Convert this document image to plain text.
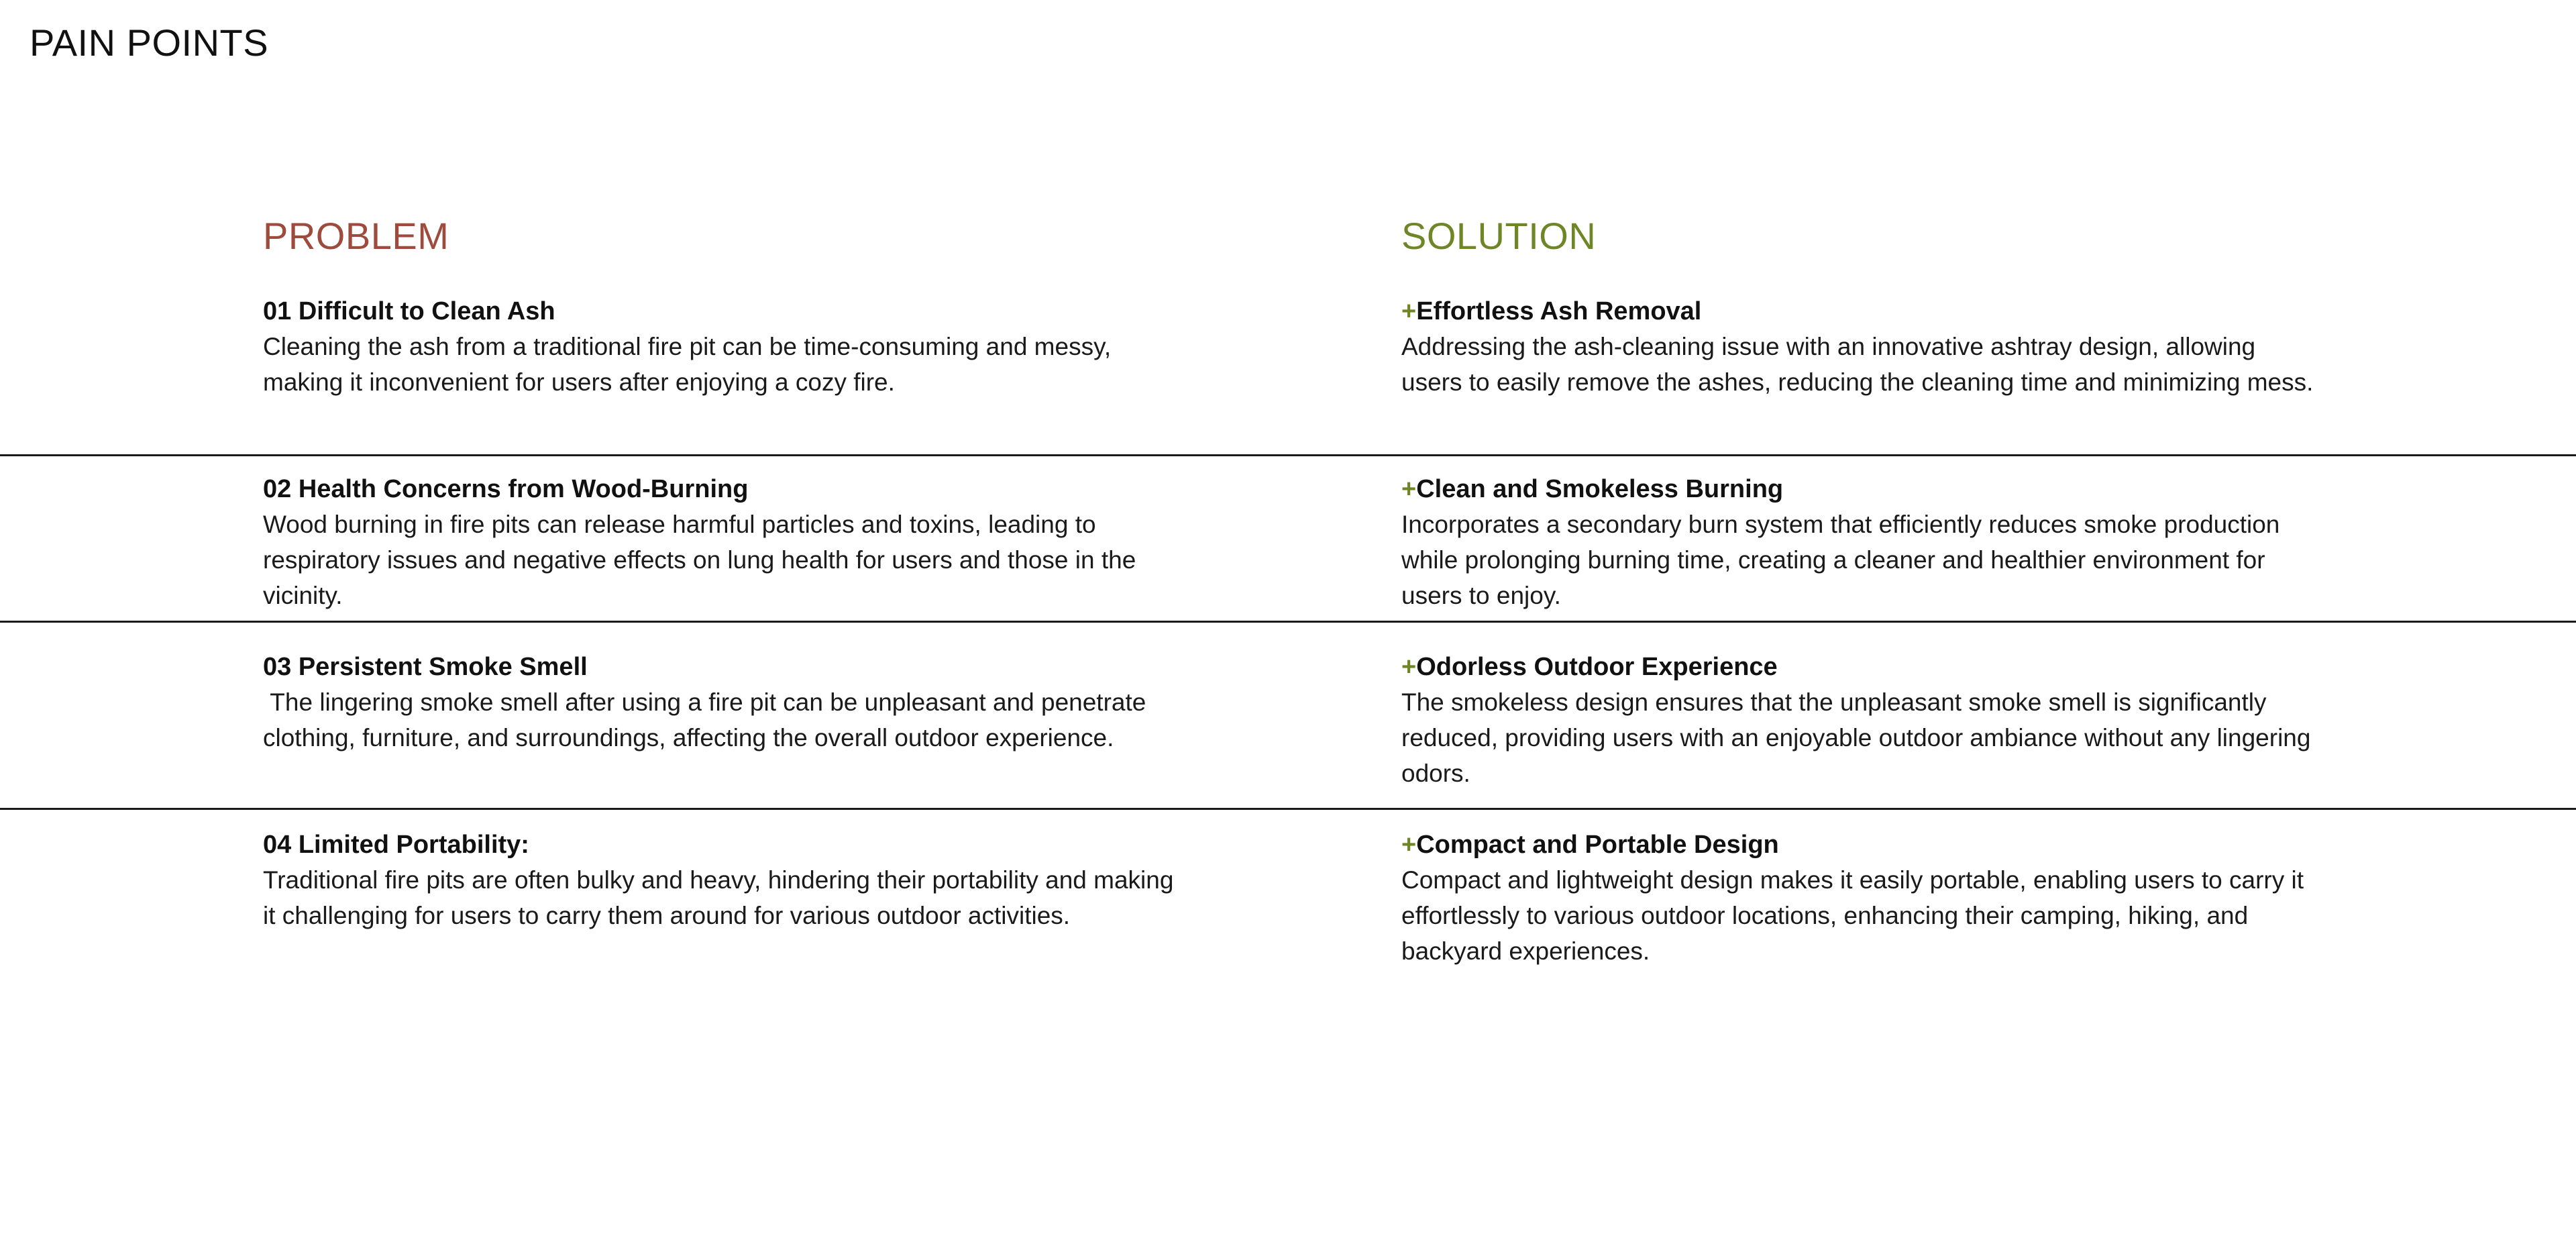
PAIN POINTS
PROBLEM	SOLUTION

01 Difficult to Clean Ash

Cleaning the ash from a traditional fire pit can be time-consuming and messy, making it inconvenient for users after enjoying a cozy fire.

+Effortless Ash Removal

Addressing the ash-cleaning issue with an innovative ashtray design, allowing users to easily remove the ashes, reducing the cleaning time and minimizing mess.

02 Health Concerns from Wood-Burning

Wood burning in fire pits can release harmful particles and toxins, leading to respiratory issues and negative effects on lung health for users and those in the vicinity.

+Clean and Smokeless Burning

Incorporates a secondary burn system that efficiently reduces smoke production while prolonging burning time, creating a cleaner and healthier environment for users to enjoy.

03 Persistent Smoke Smell

The lingering smoke smell after using a fire pit can be unpleasant and penetrate clothing, furniture, and surroundings, affecting the overall outdoor experience.

+Odorless Outdoor Experience

The smokeless design ensures that the unpleasant smoke smell is significantly reduced, providing users with an enjoyable outdoor ambiance without any lingering odors.

04 Limited Portability:

Traditional fire pits are often bulky and heavy, hindering their portability and making it challenging for users to carry them around for various outdoor activities.

+Compact and Portable Design

Compact and lightweight design makes it easily portable, enabling users to carry it effortlessly to various outdoor locations, enhancing their camping, hiking, and backyard experiences.
